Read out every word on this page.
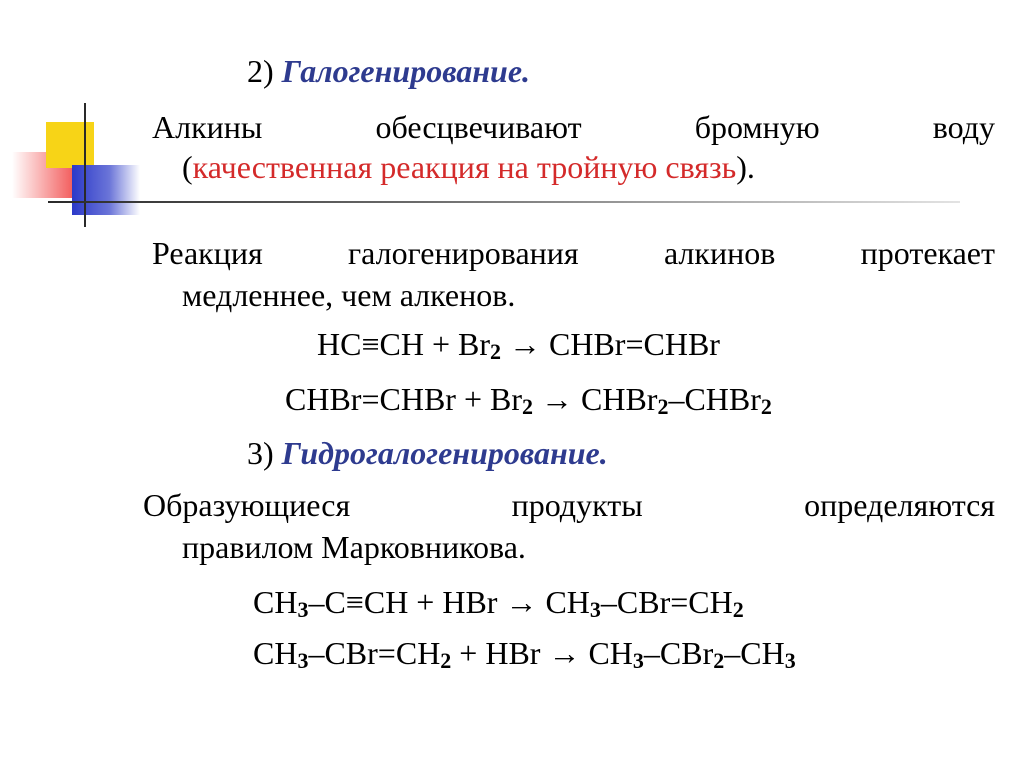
2) Галогенирование.
Алкины	обесцвечивают	бромную	воду
(качественная реакция на тройную связь).
Реакция	галогенирования	алкинов	протекает
медленнее, чем алкенов.
$HC\equiv CH + Br_2$ → CHBr=CHBr
CHBr=CHBr + $Br_2$ → CHBr$_2$–CHBr$_2$
3) Гидрогалогенирование.
Образующиеся	продукты	определяются
правилом Марковникова.
$CH_3-C\equiv CH$ + HBr → $CH_3-CBr=CH_2$
$CH_3-CBr=CH_2$ + HBr → $CH_3-CBr_2-CH_3$
